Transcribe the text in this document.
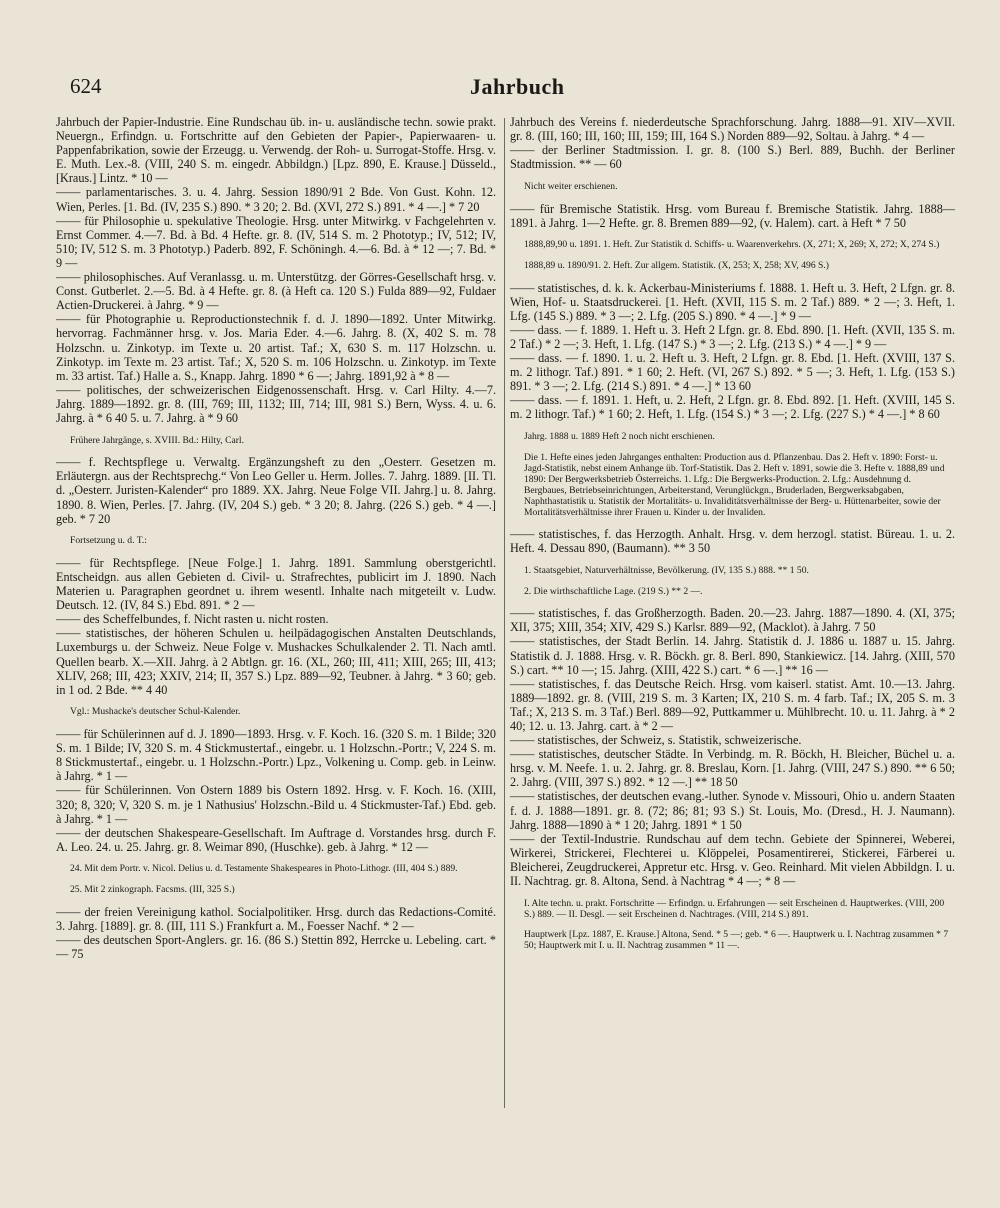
624	Jahrbuch

Jahrbuch der Papier-Industrie. Eine Rundschau üb. in- u. ausländische techn. sowie prakt. Neuergn., Erfindgn. u. Fortschritte auf den Gebieten der Papier-, Papierwaaren- u. Pappenfabrikation, sowie der Erzeugg. u. Verwendg. der Roh- u. Surrogat-Stoffe. Hrsg. v. E. Muth. Lex.-8. (VIII, 240 S. m. eingedr. Abbildgn.) [Lpz. 890, E. Krause.] Düsseld., [Kraus.] Lintz. * 10 —

—— parlamentarisches. 3. u. 4. Jahrg. Session 1890/91 2 Bde. Von Gust. Kohn. 12. Wien, Perles. [1. Bd. (IV, 235 S.) 890. * 3 20; 2. Bd. (XVI, 272 S.) 891. * 4 —.] * 7 20

—— für Philosophie u. spekulative Theologie. Hrsg. unter Mitwirkg. v Fachgelehrten v. Ernst Commer. 4.—7. Bd. à Bd. 4 Hefte. gr. 8. (IV, 514 S. m. 2 Phototyp.; IV, 512; IV, 510; IV, 512 S. m. 3 Phototyp.) Paderb. 892, F. Schöningh. 4.—6. Bd. à * 12 —; 7. Bd. * 9 —

—— philosophisches. Auf Veranlassg. u. m. Unterstützg. der Görres-Gesellschaft hrsg. v. Const. Gutberlet. 2.—5. Bd. à 4 Hefte. gr. 8. (à Heft ca. 120 S.) Fulda 889—92, Fuldaer Actien-Druckerei. à Jahrg. * 9 —

—— für Photographie u. Reproductionstechnik f. d. J. 1890—1892. Unter Mitwirkg. hervorrag. Fachmänner hrsg. v. Jos. Maria Eder. 4.—6. Jahrg. 8. (X, 402 S. m. 78 Holzschn. u. Zinkotyp. im Texte u. 20 artist. Taf.; X, 630 S. m. 117 Holzschn. u. Zinkotyp. im Texte m. 23 artist. Taf.; X, 520 S. m. 106 Holzschn. u. Zinkotyp. im Texte m. 33 artist. Taf.) Halle a. S., Knapp. Jahrg. 1890 * 6 —; Jahrg. 1891,92 à * 8 —

—— politisches, der schweizerischen Eidgenossenschaft. Hrsg. v. Carl Hilty. 4.—7. Jahrg. 1889—1892. gr. 8. (III, 769; III, 1132; III, 714; III, 981 S.) Bern, Wyss. 4. u. 6. Jahrg. à * 6 40 5. u. 7. Jahrg. à * 9 60

Frühere Jahrgänge, s. XVIII. Bd.: Hilty, Carl.

—— f. Rechtspflege u. Verwaltg. Ergänzungsheft zu den „Oesterr. Gesetzen m. Erläutergn. aus der Rechtsprechg.“ Von Leo Geller u. Herm. Jolles. 7. Jahrg. 1889. [II. Tl. d. „Oesterr. Juristen-Kalender“ pro 1889. XX. Jahrg. Neue Folge VII. Jahrg.] u. 8. Jahrg. 1890. 8. Wien, Perles. [7. Jahrg. (IV, 204 S.) geb. * 3 20; 8. Jahrg. (226 S.) geb. * 4 —.] geb. * 7 20

Fortsetzung u. d. T.:

—— für Rechtspflege. [Neue Folge.] 1. Jahrg. 1891. Sammlung oberstgerichtl. Entscheidgn. aus allen Gebieten d. Civil- u. Strafrechtes, publicirt im J. 1890. Nach Materien u. Paragraphen geordnet u. ihrem wesentl. Inhalte nach mitgeteilt v. Ludw. Deutsch. 12. (IV, 84 S.) Ebd. 891. * 2 —

—— des Scheffelbundes, f. Nicht rasten u. nicht rosten.

—— statistisches, der höheren Schulen u. heilpädagogischen Anstalten Deutschlands, Luxemburgs u. der Schweiz. Neue Folge v. Mushackes Schulkalender 2. Tl. Nach amtl. Quellen bearb. X.—XII. Jahrg. à 2 Abtlgn. gr. 16. (XL, 260; III, 411; XIII, 265; III, 413; XLIV, 268; III, 423; XXIV, 214; II, 357 S.) Lpz. 889—92, Teubner. à Jahrg. * 3 60; geb. in 1 od. 2 Bde. ** 4 40

Vgl.: Mushacke's deutscher Schul-Kalender.

—— für Schülerinnen auf d. J. 1890—1893. Hrsg. v. F. Koch. 16. (320 S. m. 1 Bilde; 320 S. m. 1 Bilde; IV, 320 S. m. 4 Stickmustertaf., eingebr. u. 1 Holzschn.-Portr.; V, 224 S. m. 8 Stickmustertaf., eingebr. u. 1 Holzschn.-Portr.) Lpz., Volkening u. Comp. geb. in Leinw. à Jahrg. * 1 —

—— für Schülerinnen. Von Ostern 1889 bis Ostern 1892. Hrsg. v. F. Koch. 16. (XIII, 320; 8, 320; V, 320 S. m. je 1 Nathusius' Holzschn.-Bild u. 4 Stickmuster-Taf.) Ebd. geb. à Jahrg. * 1 —

—— der deutschen Shakespeare-Gesellschaft. Im Auftrage d. Vorstandes hrsg. durch F. A. Leo. 24. u. 25. Jahrg. gr. 8. Weimar 890, (Huschke). geb. à Jahrg. * 12 —

24. Mit dem Portr. v. Nicol. Delius u. d. Testamente Shakespeares in Photo-Lithogr. (III, 404 S.) 889.

25. Mit 2 zinkograph. Facsms. (III, 325 S.)

—— der freien Vereinigung kathol. Socialpolitiker. Hrsg. durch das Redactions-Comité. 3. Jahrg. [1889]. gr. 8. (III, 111 S.) Frankfurt a. M., Foesser Nachf. * 2 —

—— des deutschen Sport-Anglers. gr. 16. (86 S.) Stettin 892, Herrcke u. Lebeling. cart. * — 75

Jahrbuch des Vereins f. niederdeutsche Sprachforschung. Jahrg. 1888—91. XIV—XVII. gr. 8. (III, 160; III, 160; III, 159; III, 164 S.) Norden 889—92, Soltau. à Jahrg. * 4 —

—— der Berliner Stadtmission. I. gr. 8. (100 S.) Berl. 889, Buchh. der Berliner Stadtmission. ** — 60

Nicht weiter erschienen.

—— für Bremische Statistik. Hrsg. vom Bureau f. Bremische Statistik. Jahrg. 1888—1891. à Jahrg. 1—2 Hefte. gr. 8. Bremen 889—92, (v. Halem). cart. à Heft * 7 50

1888,89,90 u. 1891. 1. Heft. Zur Statistik d. Schiffs- u. Waarenverkehrs. (X, 271; X, 269; X, 272; X, 274 S.)

1888,89 u. 1890/91. 2. Heft. Zur allgem. Statistik. (X, 253; X, 258; XV, 496 S.)

—— statistisches, d. k. k. Ackerbau-Ministeriums f. 1888. 1. Heft u. 3. Heft, 2 Lfgn. gr. 8. Wien, Hof- u. Staatsdruckerei. [1. Heft. (XVII, 115 S. m. 2 Taf.) 889. * 2 —; 3. Heft, 1. Lfg. (145 S.) 889. * 3 —; 2. Lfg. (205 S.) 890. * 4 —.] * 9 —

—— dass. — f. 1889. 1. Heft u. 3. Heft 2 Lfgn. gr. 8. Ebd. 890. [1. Heft. (XVII, 135 S. m. 2 Taf.) * 2 —; 3. Heft, 1. Lfg. (147 S.) * 3 —; 2. Lfg. (213 S.) * 4 —.] * 9 —

—— dass. — f. 1890. 1. u. 2. Heft u. 3. Heft, 2 Lfgn. gr. 8. Ebd. [1. Heft. (XVIII, 137 S. m. 2 lithogr. Taf.) 891. * 1 60; 2. Heft. (VI, 267 S.) 892. * 5 —; 3. Heft, 1. Lfg. (153 S.) 891. * 3 —; 2. Lfg. (214 S.) 891. * 4 —.] * 13 60

—— dass. — f. 1891. 1. Heft, u. 2. Heft, 2 Lfgn. gr. 8. Ebd. 892. [1. Heft. (XVIII, 145 S. m. 2 lithogr. Taf.) * 1 60; 2. Heft, 1. Lfg. (154 S.) * 3 —; 2. Lfg. (227 S.) * 4 —.] * 8 60

Jahrg. 1888 u. 1889 Heft 2 noch nicht erschienen.

Die 1. Hefte eines jeden Jahrganges enthalten: Production aus d. Pflanzenbau. Das 2. Heft v. 1890: Forst- u. Jagd-Statistik, nebst einem Anhange üb. Torf-Statistik. Das 2. Heft v. 1891, sowie die 3. Hefte v. 1888,89 und 1890: Der Bergwerksbetrieb Österreichs. 1. Lfg.: Die Bergwerks-Production. 2. Lfg.: Ausdehnung d. Bergbaues, Betriebseinrichtungen, Arbeiterstand, Verunglückgn., Bruderladen, Bergwerksabgaben, Naphthastatistik u. Statistik der Mortalitäts- u. Invaliditätsverhältnisse der Berg- u. Hüttenarbeiter, sowie der Mortalitätsverhältnisse ihrer Frauen u. Kinder u. der Invaliden.

—— statistisches, f. das Herzogth. Anhalt. Hrsg. v. dem herzogl. statist. Büreau. 1. u. 2. Heft. 4. Dessau 890, (Baumann). ** 3 50

1. Staatsgebiet, Naturverhältnisse, Bevölkerung. (IV, 135 S.) 888. ** 1 50.

2. Die wirthschaftliche Lage. (219 S.) ** 2 —.

—— statistisches, f. das Großherzogth. Baden. 20.—23. Jahrg. 1887—1890. 4. (XI, 375; XII, 375; XIII, 354; XIV, 429 S.) Karlsr. 889—92, (Macklot). à Jahrg. 7 50

—— statistisches, der Stadt Berlin. 14. Jahrg. Statistik d. J. 1886 u. 1887 u. 15. Jahrg. Statistik d. J. 1888. Hrsg. v. R. Böckh. gr. 8. Berl. 890, Stankiewicz. [14. Jahrg. (XIII, 570 S.) cart. ** 10 —; 15. Jahrg. (XIII, 422 S.) cart. * 6 —.] ** 16 —

—— statistisches, f. das Deutsche Reich. Hrsg. vom kaiserl. statist. Amt. 10.—13. Jahrg. 1889—1892. gr. 8. (VIII, 219 S. m. 3 Karten; IX, 210 S. m. 4 farb. Taf.; IX, 205 S. m. 3 Taf.; X, 213 S. m. 3 Taf.) Berl. 889—92, Puttkammer u. Mühlbrecht. 10. u. 11. Jahrg. à * 2 40; 12. u. 13. Jahrg. cart. à * 2 —

—— statistisches, der Schweiz, s. Statistik, schweizerische.

—— statistisches, deutscher Städte. In Verbindg. m. R. Böckh, H. Bleicher, Büchel u. a. hrsg. v. M. Neefe. 1. u. 2. Jahrg. gr. 8. Breslau, Korn. [1. Jahrg. (VIII, 247 S.) 890. ** 6 50; 2. Jahrg. (VIII, 397 S.) 892. * 12 —.] ** 18 50

—— statistisches, der deutschen evang.-luther. Synode v. Missouri, Ohio u. andern Staaten f. d. J. 1888—1891. gr. 8. (72; 86; 81; 93 S.) St. Louis, Mo. (Dresd., H. J. Naumann). Jahrg. 1888—1890 à * 1 20; Jahrg. 1891 * 1 50

—— der Textil-Industrie. Rundschau auf dem techn. Gebiete der Spinnerei, Weberei, Wirkerei, Strickerei, Flechterei u. Klöppelei, Posamentirerei, Stickerei, Färberei u. Bleicherei, Zeugdruckerei, Appretur etc. Hrsg. v. Geo. Reinhard. Mit vielen Abbildgn. I. u. II. Nachtrag. gr. 8. Altona, Send. à Nachtrag * 4 —; * 8 —

I. Alte techn. u. prakt. Fortschritte — Erfindgn. u. Erfahrungen — seit Erscheinen d. Hauptwerkes. (VIII, 200 S.) 889. — II. Desgl. — seit Erscheinen d. Nachtrages. (VIII, 214 S.) 891.

Hauptwerk [Lpz. 1887, E. Krause.] Altona, Send. * 5 —; geb. * 6 —. Hauptwerk u. I. Nachtrag zusammen * 7 50; Hauptwerk mit I. u. II. Nachtrag zusammen * 11 —.
